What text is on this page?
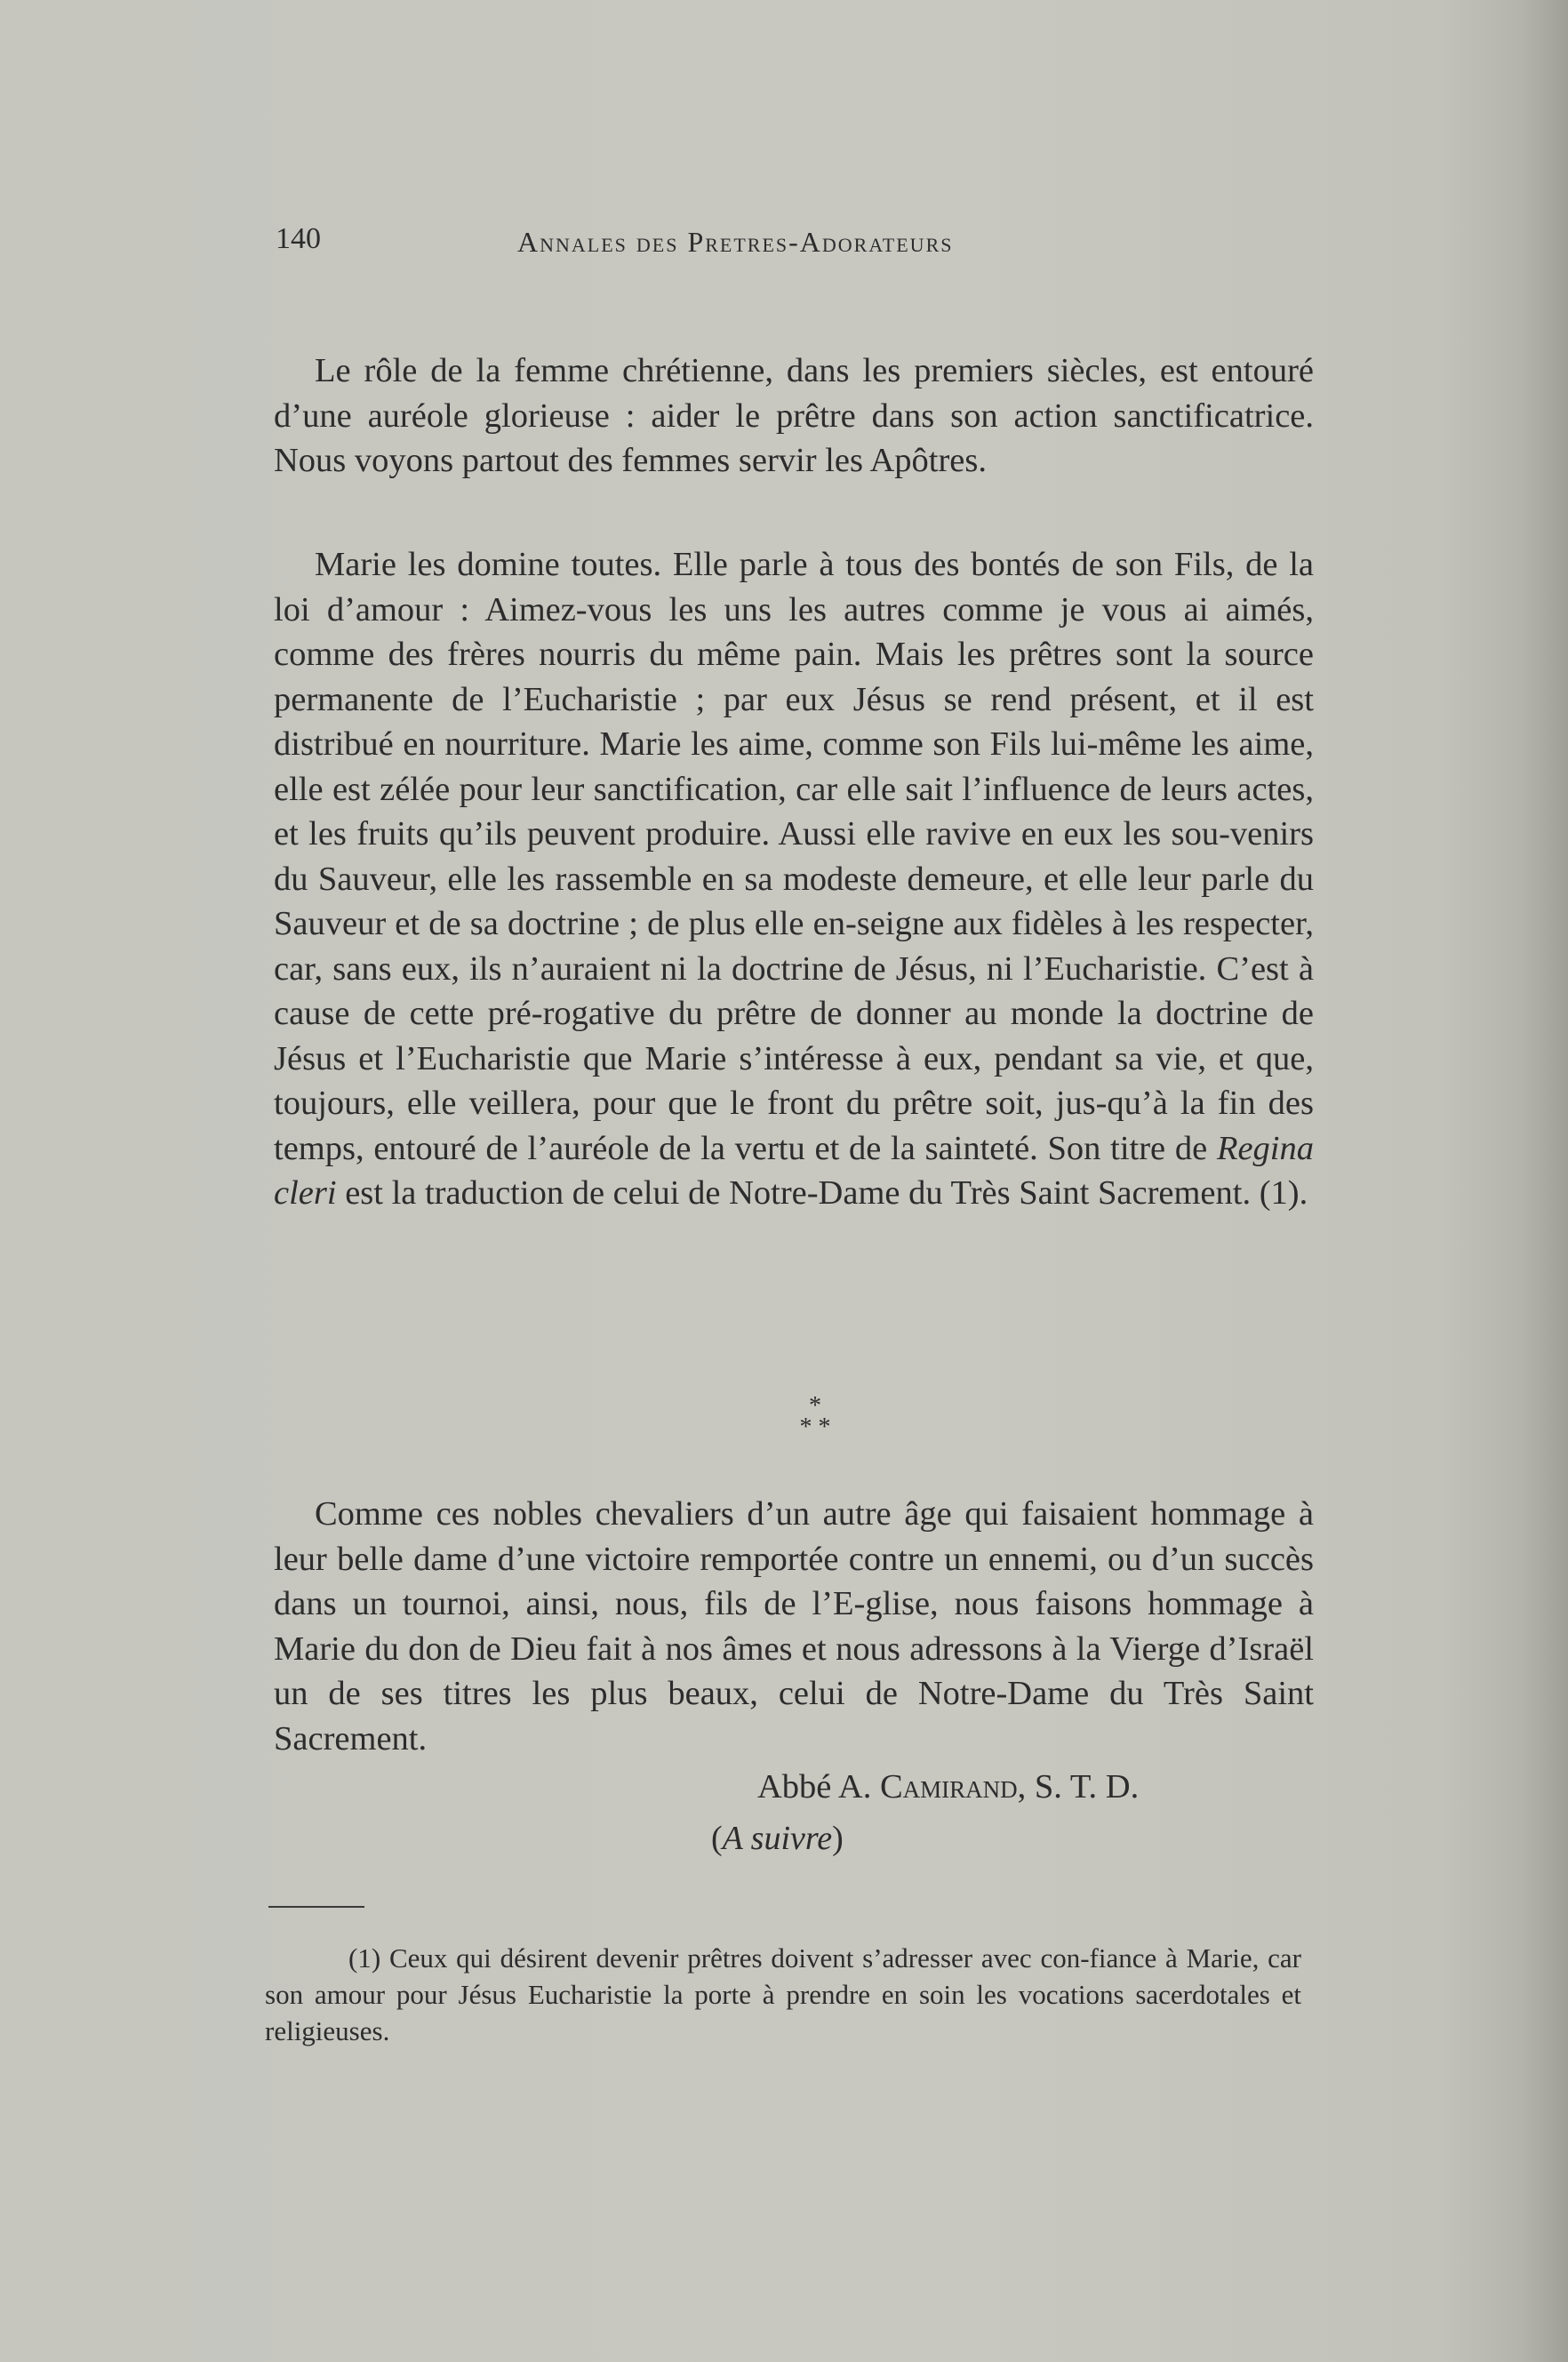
140	Annales des Pretres-Adorateurs

Le rôle de la femme chrétienne, dans les premiers siècles, est entouré d’une auréole glorieuse : aider le prêtre dans son action sanctificatrice. Nous voyons partout des femmes servir les Apôtres.

Marie les domine toutes. Elle parle à tous des bontés de son Fils, de la loi d’amour : Aimez-vous les uns les autres comme je vous ai aimés, comme des frères nourris du même pain. Mais les prêtres sont la source permanente de l’Eucharistie ; par eux Jésus se rend présent, et il est distribué en nourriture. Marie les aime, comme son Fils lui-même les aime, elle est zélée pour leur sanctification, car elle sait l’influence de leurs actes, et les fruits qu’ils peuvent produire. Aussi elle ravive en eux les sou-venirs du Sauveur, elle les rassemble en sa modeste demeure, et elle leur parle du Sauveur et de sa doctrine ; de plus elle en-seigne aux fidèles à les respecter, car, sans eux, ils n’auraient ni la doctrine de Jésus, ni l’Eucharistie. C’est à cause de cette pré-rogative du prêtre de donner au monde la doctrine de Jésus et l’Eucharistie que Marie s’intéresse à eux, pendant sa vie, et que, toujours, elle veillera, pour que le front du prêtre soit, jus-qu’à la fin des temps, entouré de l’auréole de la vertu et de la sainteté. Son titre de Regina cleri est la traduction de celui de Notre-Dame du Très Saint Sacrement. (1).

*
* *

Comme ces nobles chevaliers d’un autre âge qui faisaient hommage à leur belle dame d’une victoire remportée contre un ennemi, ou d’un succès dans un tournoi, ainsi, nous, fils de l’E-glise, nous faisons hommage à Marie du don de Dieu fait à nos âmes et nous adressons à la Vierge d’Israël un de ses titres les plus beaux, celui de Notre-Dame du Très Saint Sacrement.

Abbé A. Camirand, S. T. D.
(A suivre)

(1) Ceux qui désirent devenir prêtres doivent s’adresser avec con-fiance à Marie, car son amour pour Jésus Eucharistie la porte à prendre en soin les vocations sacerdotales et religieuses.
